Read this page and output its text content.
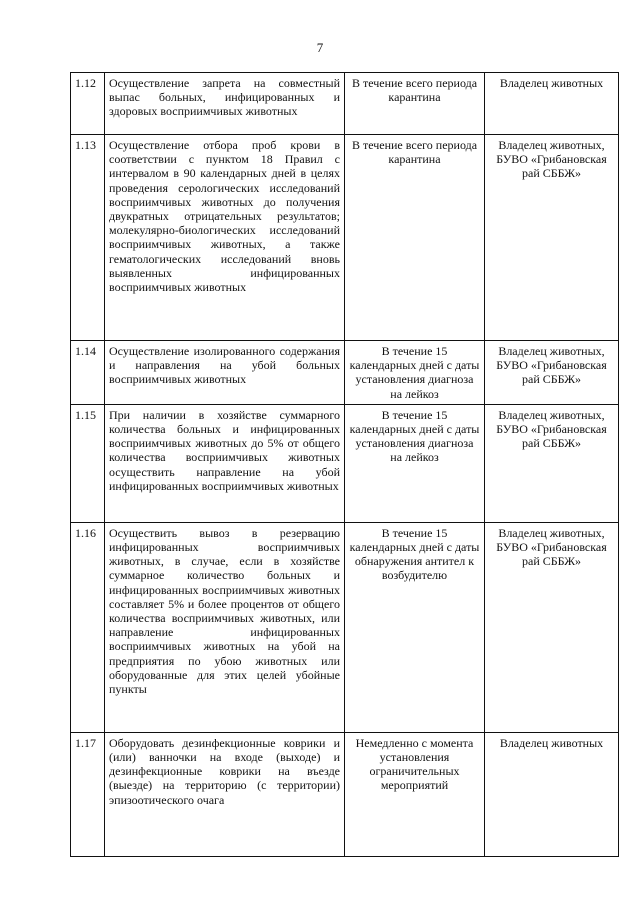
7
1.12	Осуществление запрета на совместный выпас больных, инфицированных и здоровых восприимчивых животных	В течение всего периода карантина	Владелец животных
1.13	Осуществление отбора проб крови в соответствии с пунктом 18 Правил с интервалом в 90 календарных дней в целях проведения серологических исследований восприимчивых животных до получения двукратных отрицательных результатов; молекулярно-биологических исследований восприимчивых животных, а также гематологических исследований вновь выявленных инфицированных восприимчивых животных	В течение всего периода карантина	Владелец животных, БУВО «Грибановская рай СББЖ»
1.14	Осуществление изолированного содержания и направления на убой больных восприимчивых животных	В течение 15 календарных дней с даты установления диагноза на лейкоз	Владелец животных, БУВО «Грибановская рай СББЖ»
1.15	При наличии в хозяйстве суммарного количества больных и инфицированных восприимчивых животных до 5% от общего количества восприимчивых животных осуществить направление на убой инфицированных восприимчивых животных	В течение 15 календарных дней с даты установления диагноза на лейкоз	Владелец животных, БУВО «Грибановская рай СББЖ»
1.16	Осуществить вывоз в резервацию инфицированных восприимчивых животных, в случае, если в хозяйстве суммарное количество больных и инфицированных восприимчивых животных составляет 5% и более процентов от общего количества восприимчивых животных, или направление инфицированных восприимчивых животных на убой на предприятия по убою животных или оборудованные для этих целей убойные пункты	В течение 15 календарных дней с даты обнаружения антител к возбудителю	Владелец животных, БУВО «Грибановская рай СББЖ»
1.17	Оборудовать дезинфекционные коврики и (или) ванночки на входе (выходе) и дезинфекционные коврики на въезде (выезде) на территорию (с территории) эпизоотического очага	Немедленно с момента установления ограничительных мероприятий	Владелец животных
